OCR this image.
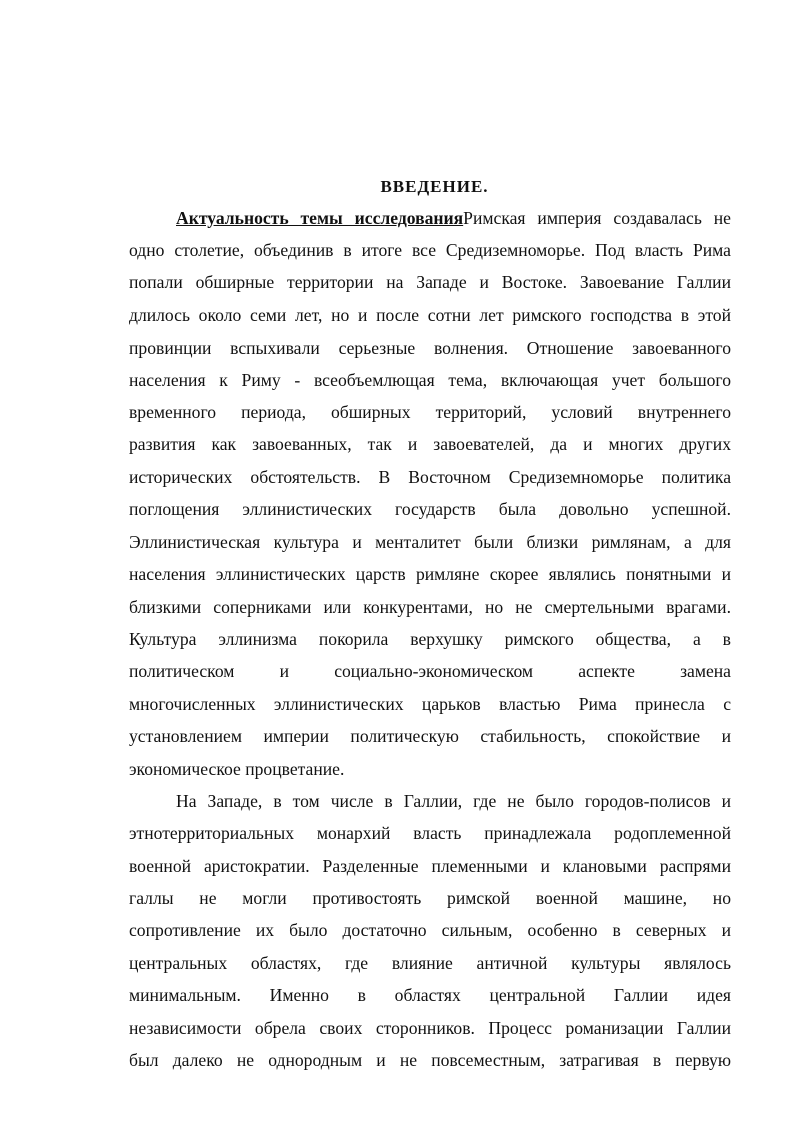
ВВЕДЕНИЕ.
Актуальность темы исследованияРимская империя создавалась не
одно столетие, объединив в итоге все Средиземноморье. Под власть Рима
попали обширные территории на Западе и Востоке. Завоевание Галлии
длилось около семи лет, но и после сотни лет римского господства в этой
провинции вспыхивали серьезные волнения. Отношение завоеванного
населения к Риму - всеобъемлющая тема, включающая учет большого
временного периода, обширных территорий, условий внутреннего
развития как завоеванных, так и завоевателей, да и многих других
исторических обстоятельств. В Восточном Средиземноморье политика
поглощения эллинистических государств была довольно успешной.
Эллинистическая культура и менталитет были близки римлянам, а для
населения эллинистических царств римляне скорее являлись понятными и
близкими соперниками или конкурентами, но не смертельными врагами.
Культура эллинизма покорила верхушку римского общества, а в
политическом и социально-экономическом аспекте замена
многочисленных эллинистических царьков властью Рима принесла с
установлением империи политическую стабильность, спокойствие и
экономическое процветание.
На Западе, в том числе в Галлии, где не было городов-полисов и
этнотерриториальных монархий власть принадлежала родоплеменной
военной аристократии. Разделенные племенными и клановыми распрями
галлы не могли противостоять римской военной машине, но
сопротивление их было достаточно сильным, особенно в северных и
центральных областях, где влияние античной культуры являлось
минимальным. Именно в областях центральной Галлии идея
независимости обрела своих сторонников. Процесс романизации Галлии
был далеко не однородным и не повсеместным, затрагивая в первую
